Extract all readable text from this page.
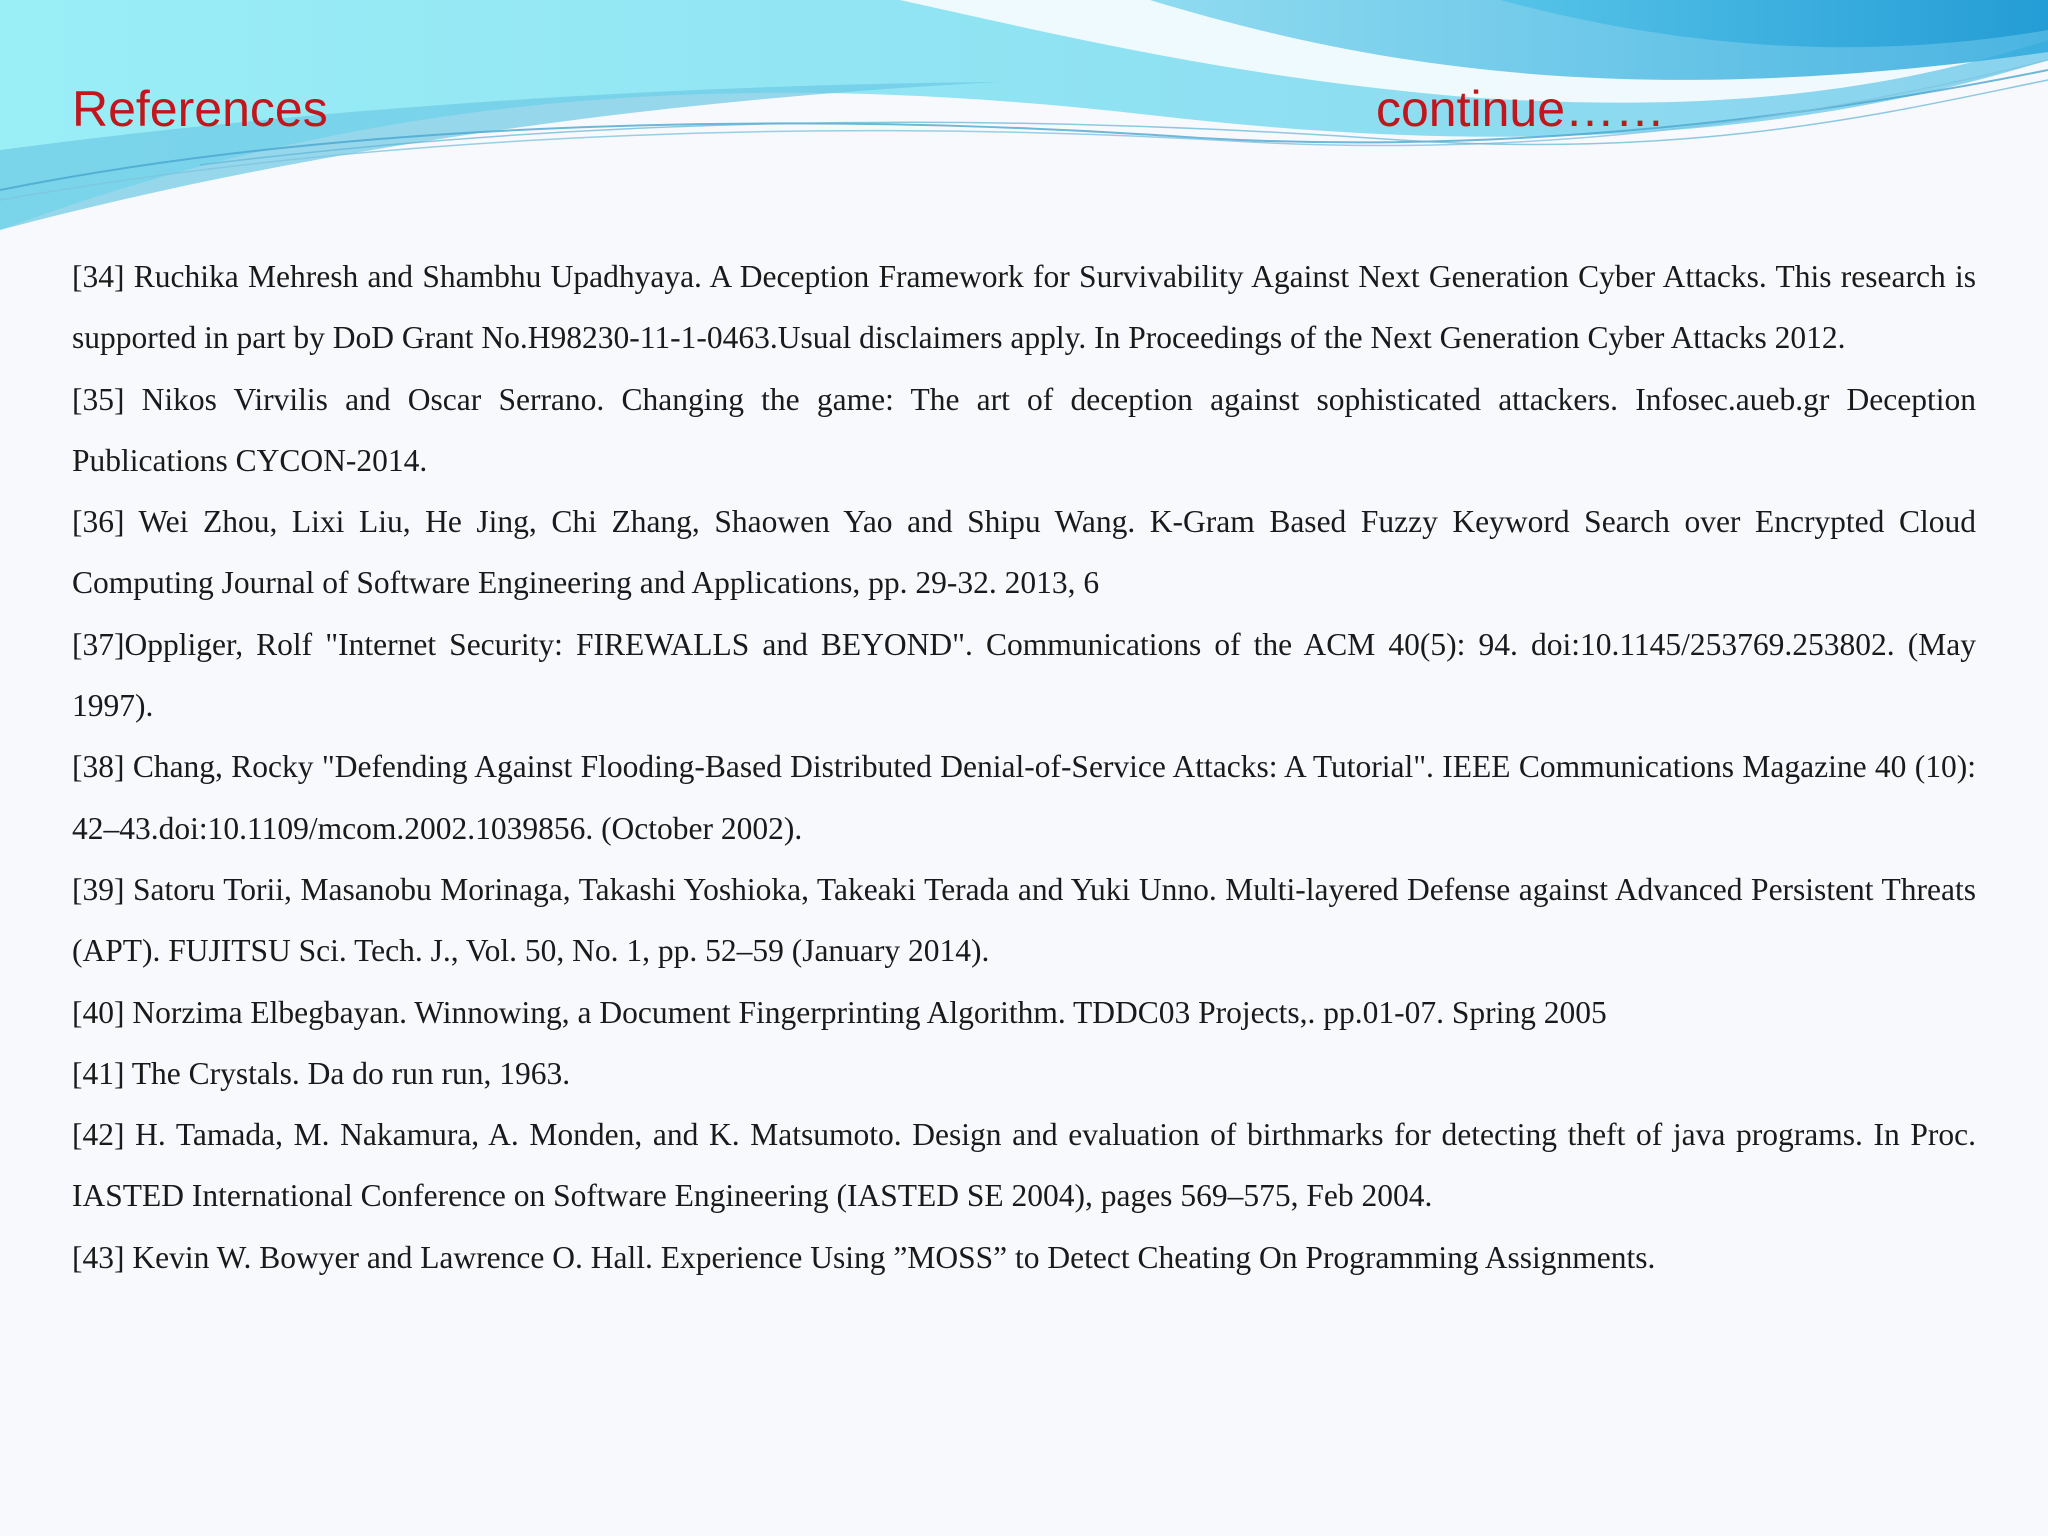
References	continue……

[34] Ruchika Mehresh and Shambhu Upadhyaya. A Deception Framework for Survivability Against Next Generation Cyber Attacks. This research is supported in part by DoD Grant No.H98230-11-1-0463.Usual disclaimers apply. In Proceedings of the Next Generation Cyber Attacks 2012.

[35] Nikos Virvilis and Oscar Serrano. Changing the game: The art of deception against sophisticated attackers. Infosec.aueb.gr Deception Publications CYCON-2014.

[36] Wei Zhou, Lixi Liu, He Jing, Chi Zhang, Shaowen Yao and Shipu Wang. K-Gram Based Fuzzy Keyword Search over Encrypted Cloud Computing Journal of Software Engineering and Applications, pp. 29-32. 2013, 6

[37]Oppliger, Rolf "Internet Security: FIREWALLS and BEYOND". Communications of the ACM 40(5): 94. doi:10.1145/253769.253802. (May 1997).

[38] Chang, Rocky "Defending Against Flooding-Based Distributed Denial-of-Service Attacks: A Tutorial". IEEE Communications Magazine 40 (10): 42–43.doi:10.1109/mcom.2002.1039856. (October 2002).

[39] Satoru Torii, Masanobu Morinaga, Takashi Yoshioka, Takeaki Terada and Yuki Unno. Multi-layered Defense against Advanced Persistent Threats (APT). FUJITSU Sci. Tech. J., Vol. 50, No. 1, pp. 52–59 (January 2014).

[40] Norzima Elbegbayan. Winnowing, a Document Fingerprinting Algorithm. TDDC03 Projects,. pp.01-07. Spring 2005

[41] The Crystals. Da do run run, 1963.

[42] H. Tamada, M. Nakamura, A. Monden, and K. Matsumoto. Design and evaluation of birthmarks for detecting theft of java programs. In Proc. IASTED International Conference on Software Engineering (IASTED SE 2004), pages 569–575, Feb 2004.

[43] Kevin W. Bowyer and Lawrence O. Hall. Experience Using ”MOSS” to Detect Cheating On Programming Assignments.
